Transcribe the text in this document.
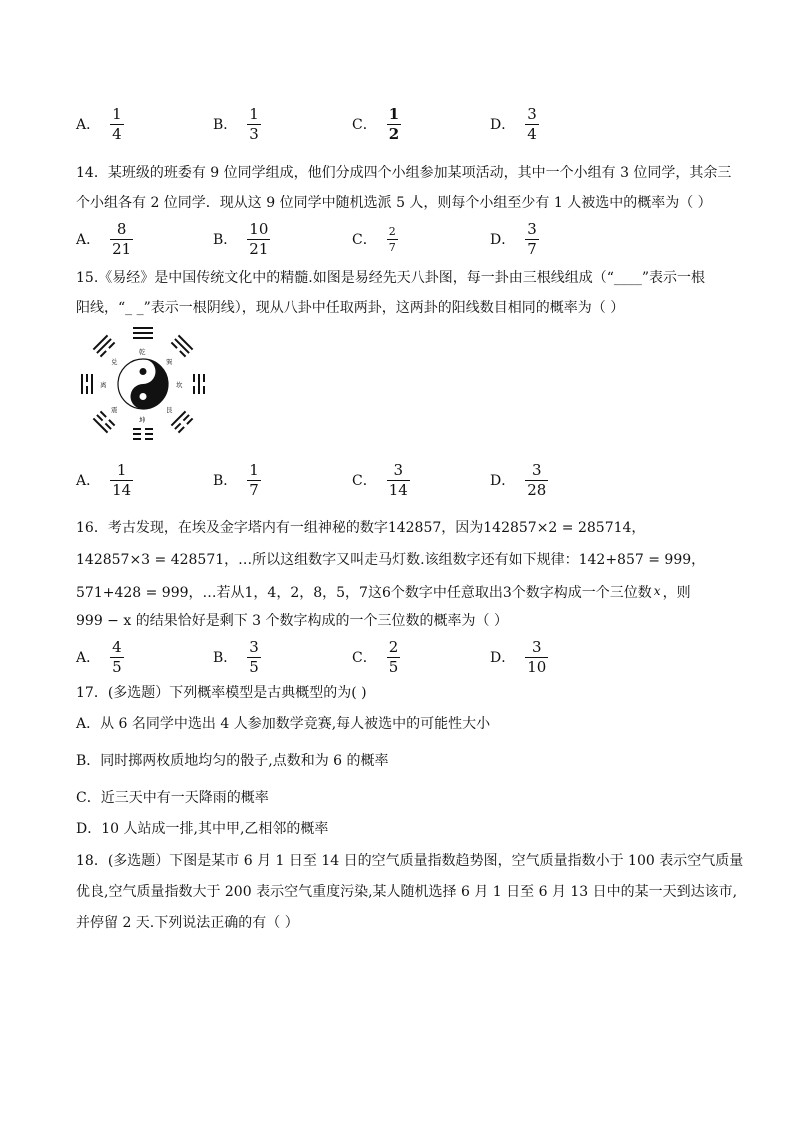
A． $\frac{1}{4}$	B． $\frac{1}{3}$	C． $\frac{1}{2}$	D． $\frac{3}{4}$
14．某班级的班委有 9 位同学组成，他们分成四个小组参加某项活动，其中一个小组有 3 位同学，其余三
个小组各有 2 位同学．现从这 9 位同学中随机选派 5 人，则每个小组至少有 1 人被选中的概率为（ ）
A． $\frac{8}{21}$	B． $\frac{10}{21}$	C． $\frac{2}{7}$	D． $\frac{3}{7}$
15.《易经》是中国传统文化中的精髓.如图是易经先天八卦图，每一卦由三根线组成（“____”表示一根
阳线，“_ _”表示一根阴线），现从八卦中任取两卦，这两卦的阳线数目相同的概率为（ ）
乾
巽
坎
艮
坤
震
离
兑
A． $\frac{1}{14}$	B． $\frac{1}{7}$	C． $\frac{3}{14}$	D． $\frac{3}{28}$
16．考古发现，在埃及金字塔内有一组神秘的数字142857，因为142857×2 = 285714，
142857×3 = 428571，…所以这组数字又叫走马灯数.该组数字还有如下规律：142+857 = 999，
571+428 = 999，…若从1，4，2，8，5，7这6个数字中任意取出3个数字构成一个三位数 x ，则
999 − x 的结果恰好是剩下 3 个数字构成的一个三位数的概率为（ ）
A． $\frac{4}{5}$	B． $\frac{3}{5}$	C． $\frac{2}{5}$	D． $\frac{3}{10}$
17．(多选题）下列概率模型是古典概型的为( )
A．从 6 名同学中选出 4 人参加数学竞赛,每人被选中的可能性大小
B．同时掷两枚质地均匀的骰子,点数和为 6 的概率
C．近三天中有一天降雨的概率
D．10 人站成一排,其中甲,乙相邻的概率
18．(多选题）下图是某市 6 月 1 日至 14 日的空气质量指数趋势图，空气质量指数小于 100 表示空气质量
优良,空气质量指数大于 200 表示空气重度污染,某人随机选择 6 月 1 日至 6 月 13 日中的某一天到达该市,
并停留 2 天.下列说法正确的有（ ）
